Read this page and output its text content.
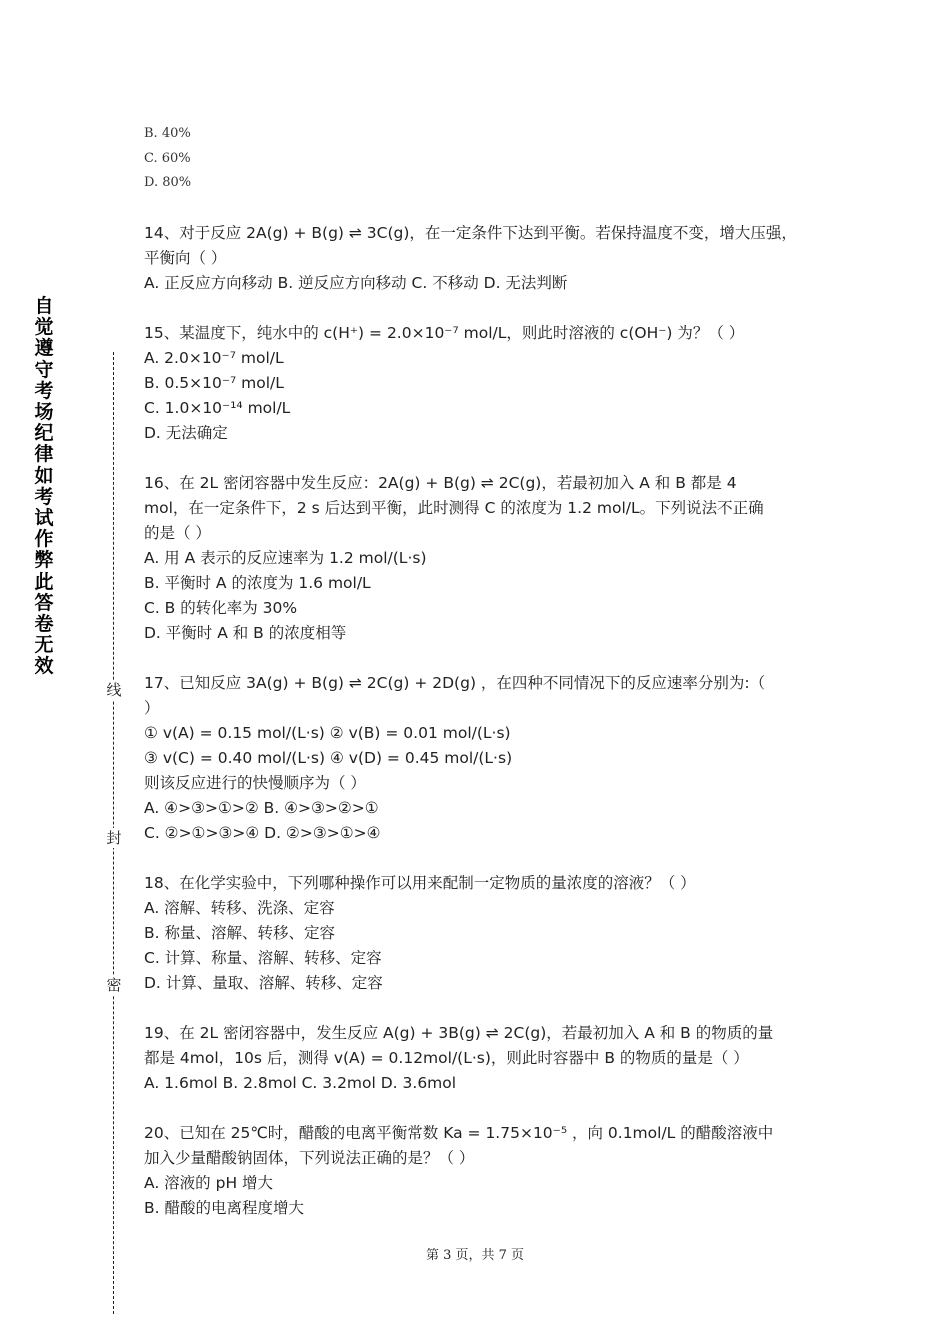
自
觉
遵
守
考
场
纪
律
如
考
试
作
弊
此
答
卷
无
效
线
封
密
B. 40%
C. 60%
D. 80%
14、对于反应 2A(g) + B(g) ⇌ 3C(g)，在一定条件下达到平衡。若保持温度不变，增大压强，
平衡向（ ）
A. 正反应方向移动 B. 逆反应方向移动 C. 不移动 D. 无法判断
15、某温度下，纯水中的 c(H⁺) = 2.0×10⁻⁷ mol/L，则此时溶液的 c(OH⁻) 为？（ ）
A. 2.0×10⁻⁷ mol/L
B. 0.5×10⁻⁷ mol/L
C. 1.0×10⁻¹⁴ mol/L
D. 无法确定
16、在 2L 密闭容器中发生反应：2A(g) + B(g) ⇌ 2C(g)，若最初加入 A 和 B 都是 4
mol，在一定条件下，2 s 后达到平衡，此时测得 C 的浓度为 1.2 mol/L。下列说法不正确
的是（ ）
A. 用 A 表示的反应速率为 1.2 mol/(L·s)
B. 平衡时 A 的浓度为 1.6 mol/L
C. B 的转化率为 30%
D. 平衡时 A 和 B 的浓度相等
17、已知反应 3A(g) + B(g) ⇌ 2C(g) + 2D(g) ，在四种不同情况下的反应速率分别为:（
）
① v(A) = 0.15 mol/(L·s) ② v(B) = 0.01 mol/(L·s)
③ v(C) = 0.40 mol/(L·s) ④ v(D) = 0.45 mol/(L·s)
则该反应进行的快慢顺序为（ ）
A. ④>③>①>② B. ④>③>②>①
C. ②>①>③>④ D. ②>③>①>④
18、在化学实验中，下列哪种操作可以用来配制一定物质的量浓度的溶液？（ ）
A. 溶解、转移、洗涤、定容
B. 称量、溶解、转移、定容
C. 计算、称量、溶解、转移、定容
D. 计算、量取、溶解、转移、定容
19、在 2L 密闭容器中，发生反应 A(g) + 3B(g) ⇌ 2C(g)，若最初加入 A 和 B 的物质的量
都是 4mol，10s 后，测得 v(A) = 0.12mol/(L·s)，则此时容器中 B 的物质的量是（ ）
A. 1.6mol B. 2.8mol C. 3.2mol D. 3.6mol
20、已知在 25℃时，醋酸的电离平衡常数 Ka = 1.75×10⁻⁵ ，向 0.1mol/L 的醋酸溶液中
加入少量醋酸钠固体，下列说法正确的是？（ ）
A. 溶液的 pH 增大
B. 醋酸的电离程度增大
第 3 页，共 7 页
